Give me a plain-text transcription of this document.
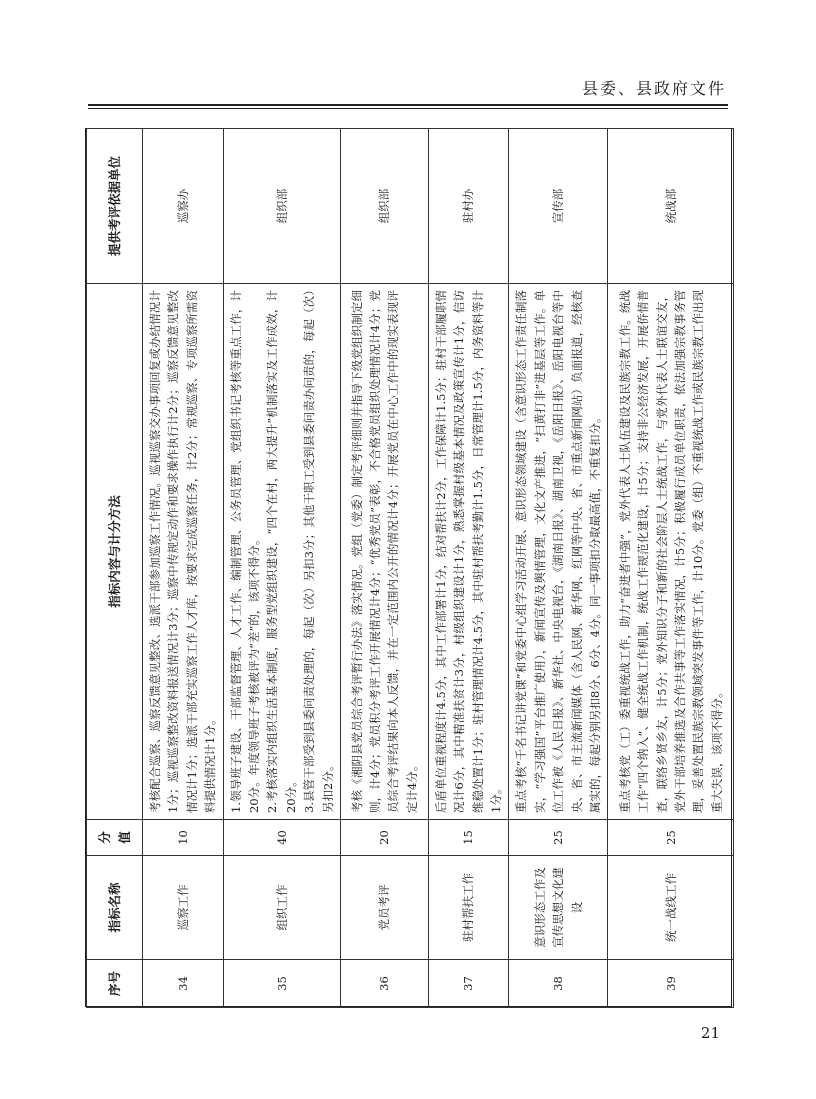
县委、县政府文件
序号	指标名称	分值	指标内容与计分方法	提供考评依据单位
34	巡察工作	10	考核配合巡察、巡察反馈意见整改、选派干部参加巡察工作情况。巡视巡察交办事项回复或办结情况计1分；巡视巡察整改资料报送情况计3分；巡察中传规定动作和要求操作执行计2分；巡察反馈意见整改情况计1分；选派干部充实巡察工作人才库，按要求完成巡察任务，计2分；常规巡察、专项巡察所需资料提供情况计1分。	巡察办
35	组织工作	40	1.领导班子建设、干部监督管理、人才工作、编制管理、公务员管理、党组织书记考核等重点工作，计20分。年度领导班子考核被评为“差”的，该项不得分。 2.考核落实内组织生活基本制度，服务型党组织建设，“四个在村，两大提升”机制落实及工作成效，计20分。 3.县管干部受到县委问责处理的，每起（次）另扣3分；其他干职工受到县委问责办问责的，每起（次）另扣2分。	组织部
36	党员考评	20	考核《湘阴县党员综合考评暂行办法》落实情况。党组（党委）制定考评细则并指导下级党组织制定细则，计4分；党员积分考评工作开展情况计4分；“优秀党员”表彰，不合格党员组织处理情况计4分；党员综合考评结果向本人反馈，并在一定范围内公开的情况计4分；开展党员在中心工作中的现实表现评定计4分。	组织部
37	驻村帮扶工作	15	后盾单位重视程度计4.5分，其中工作部署计1分，结对帮扶计2分，工作保障计1.5分；驻村干部履职情况计6分，其中精准扶贫计3分，村级组织建设计1分，熟悉掌握村级基本情况及政策宣传计1分，信访维稳处置计1分；驻村管理情况计4.5分，其中驻村帮扶考勤计1.5分，日常管理计1.5分，内务资料等计1分。	驻村办
38	意识形态工作及宣传思想文化建设	25	重点考核“千名书记讲党课”和党委中心组学习活动开展、意识形态领域建设（含意识形态工作责任制落实，“学习强国”平台推广使用），新闻宣传及舆情管理，文化文产推进，“扫黄打非”进基层等工作。单位工作被《人民日报》、新华社、中央电视台，《湖南日报》、湖南卫视，《岳阳日报》、岳阳电视台等中央、省、市主流新闻媒体（含人民网、新华网、红网等中央、省、市重点新闻网站）负面报道，经核查属实的，每起分别另扣8分、6分、4分。同一事项扣分取最高值，不重复扣分。	宣传部
39	统一战线工作	25	重点考核党（工）委重视统战工作，助力“奋进者中强”，党外代表人士队伍建设及民族宗教工作。统战工作“四个纳入”、健全统战工作机制，统战工作规范化建设，计5分；支持非公经济发展，开展侨情普查，联络乡贤乡友，计5分；党外知识分子和新的社会阶层人士统战工作，与党外代表人士联谊交友，党外干部培养推选及合作共事等工作落实情况，计5分；积极履行成员单位职责，依法加强宗教事务管理，妥善处置民族宗教领域突发事件等工作，计10分。党委（组）不重视统战工作或民族宗教工作出现重大失误，该项不得分。	统战部
21
